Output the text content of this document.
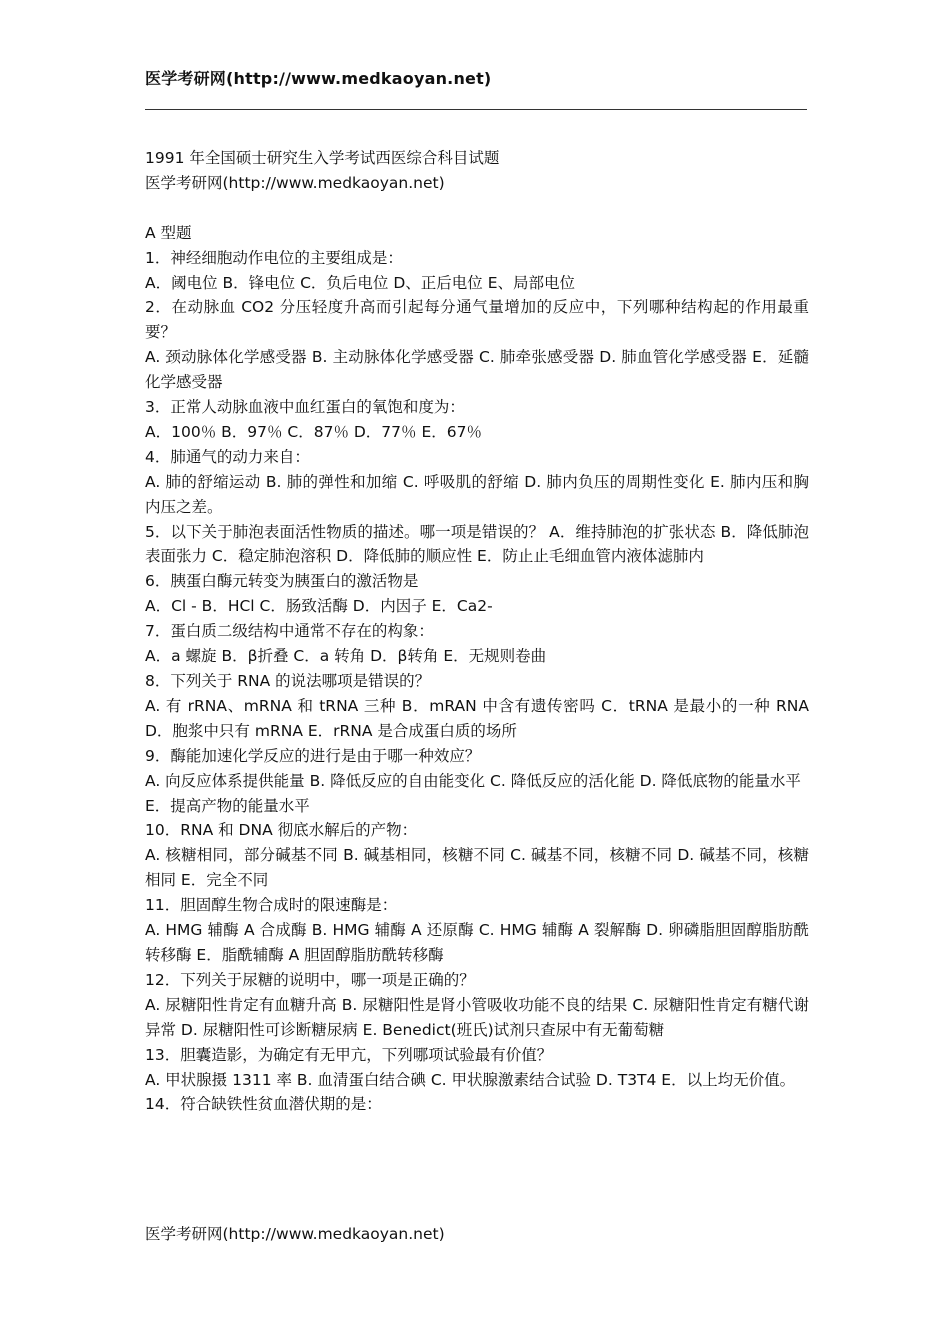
医学考研网(http://www.medkaoyan.net)

1991 年全国硕士研究生入学考试西医综合科目试题

医学考研网(http://www.medkaoyan.net)

A 型题

1．神经细胞动作电位的主要组成是：

A．阈电位 B．锋电位 C．负后电位 D、正后电位 E、局部电位

2．在动脉血 CO2 分压轻度升高而引起每分通气量增加的反应中，下列哪种结构起的作用最重要？

A. 颈动脉体化学感受器 B. 主动脉体化学感受器 C. 肺牵张感受器 D. 肺血管化学感受器 E．延髓化学感受器

3．正常人动脉血液中血红蛋白的氧饱和度为：

A．100％ B．97％ C．87％ D．77％ E．67％

4．肺通气的动力来自：

A. 肺的舒缩运动 B. 肺的弹性和加缩 C. 呼吸肌的舒缩 D. 肺内负压的周期性变化 E. 肺内压和胸内压之差。

5．以下关于肺泡表面活性物质的描述。哪一项是错误的？ A．维持肺泡的扩张状态 B．降低肺泡表面张力 C．稳定肺泡溶积 D．降低肺的顺应性 E．防止止毛细血管内液体滤肺内

6．胰蛋白酶元转变为胰蛋白的激活物是

A．Cl - B．HCl C．肠致活酶 D．内因子 E．Ca2-

7．蛋白质二级结构中通常不存在的构象：

A．a 螺旋 B．β折叠 C．a 转角 D．β转角 E．无规则卷曲

8．下列关于 RNA 的说法哪项是错误的？

A. 有 rRNA、mRNA 和 tRNA 三种 B．mRAN 中含有遗传密吗 C．tRNA 是最小的一种 RNA D．胞浆中只有 mRNA E．rRNA 是合成蛋白质的场所

9．酶能加速化学反应的进行是由于哪一种效应？

A. 向反应体系提供能量 B. 降低反应的自由能变化 C. 降低反应的活化能 D. 降低底物的能量水平

E．提高产物的能量水平

10．RNA 和 DNA 彻底水解后的产物：

A. 核糖相同，部分碱基不同 B. 碱基相同，核糖不同 C. 碱基不同，核糖不同 D. 碱基不同，核糖相同 E．完全不同

11．胆固醇生物合成时的限速酶是：

A. HMG 辅酶 A 合成酶 B. HMG 辅酶 A 还原酶 C. HMG 辅酶 A 裂解酶 D. 卵磷脂胆固醇脂肪酰转移酶 E．脂酰辅酶 A 胆固醇脂肪酰转移酶

12．下列关于尿糖的说明中，哪一项是正确的？

A. 尿糖阳性肯定有血糖升高 B. 尿糖阳性是肾小管吸收功能不良的结果 C. 尿糖阳性肯定有糖代谢异常 D. 尿糖阳性可诊断糖尿病 E. Benedict(班氏)试剂只查尿中有无葡萄糖

13．胆囊造影，为确定有无甲亢，下列哪项试验最有价值？

A. 甲状腺摄 1311 率 B. 血清蛋白结合碘 C. 甲状腺激素结合试验 D. T3T4 E．以上均无价值。

14．符合缺铁性贫血潜伏期的是：

医学考研网(http://www.medkaoyan.net)
